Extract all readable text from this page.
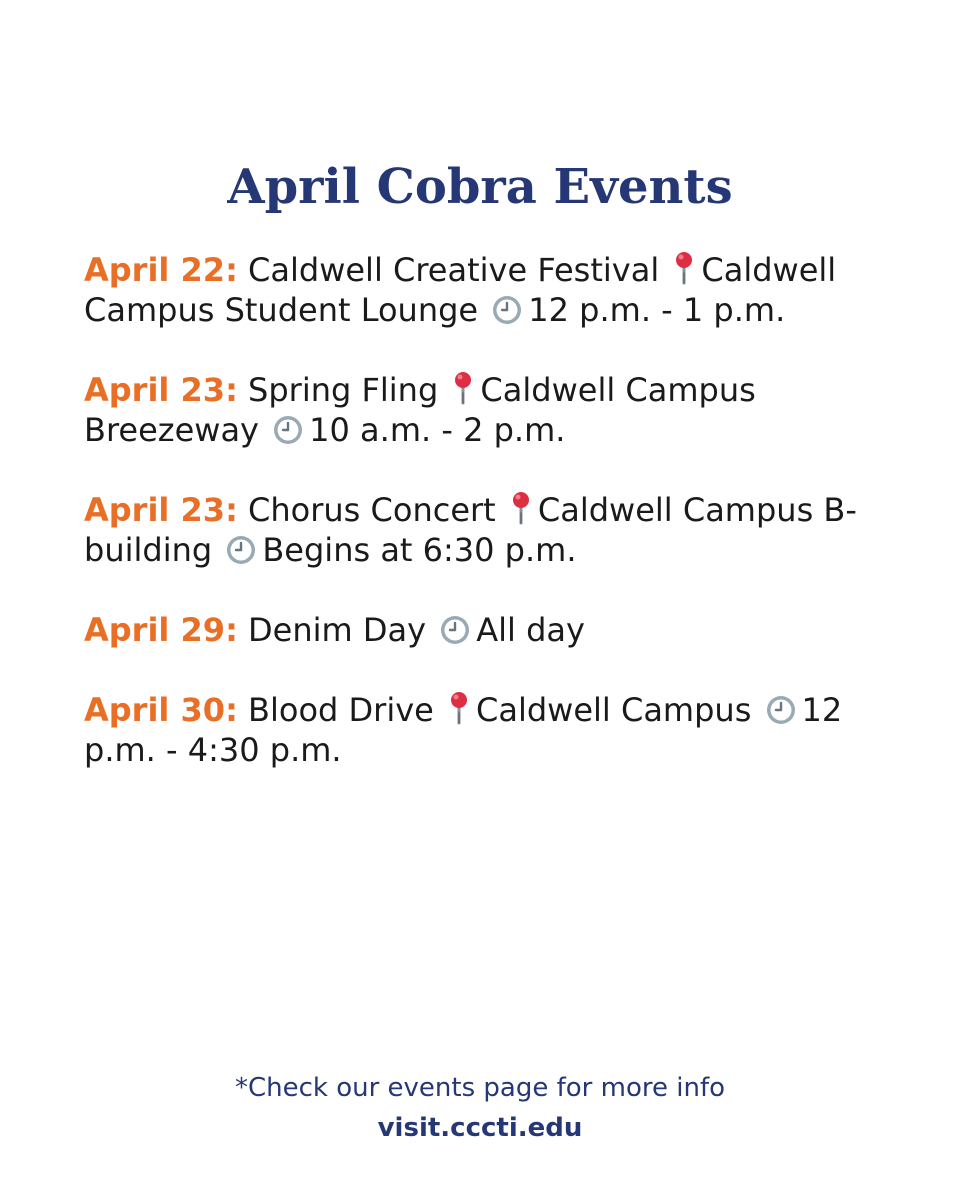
April Cobra Events
April 22: Caldwell Creative Festival Caldwell Campus Student Lounge 12 p.m. - 1 p.m.
April 23: Spring Fling Caldwell Campus Breezeway 10 a.m. - 2 p.m.
April 23: Chorus Concert Caldwell Campus B-building Begins at 6:30 p.m.
April 29: Denim Day All day
April 30: Blood Drive Caldwell Campus 12 p.m. - 4:30 p.m.
*Check our events page for more info
visit.cccti.edu
